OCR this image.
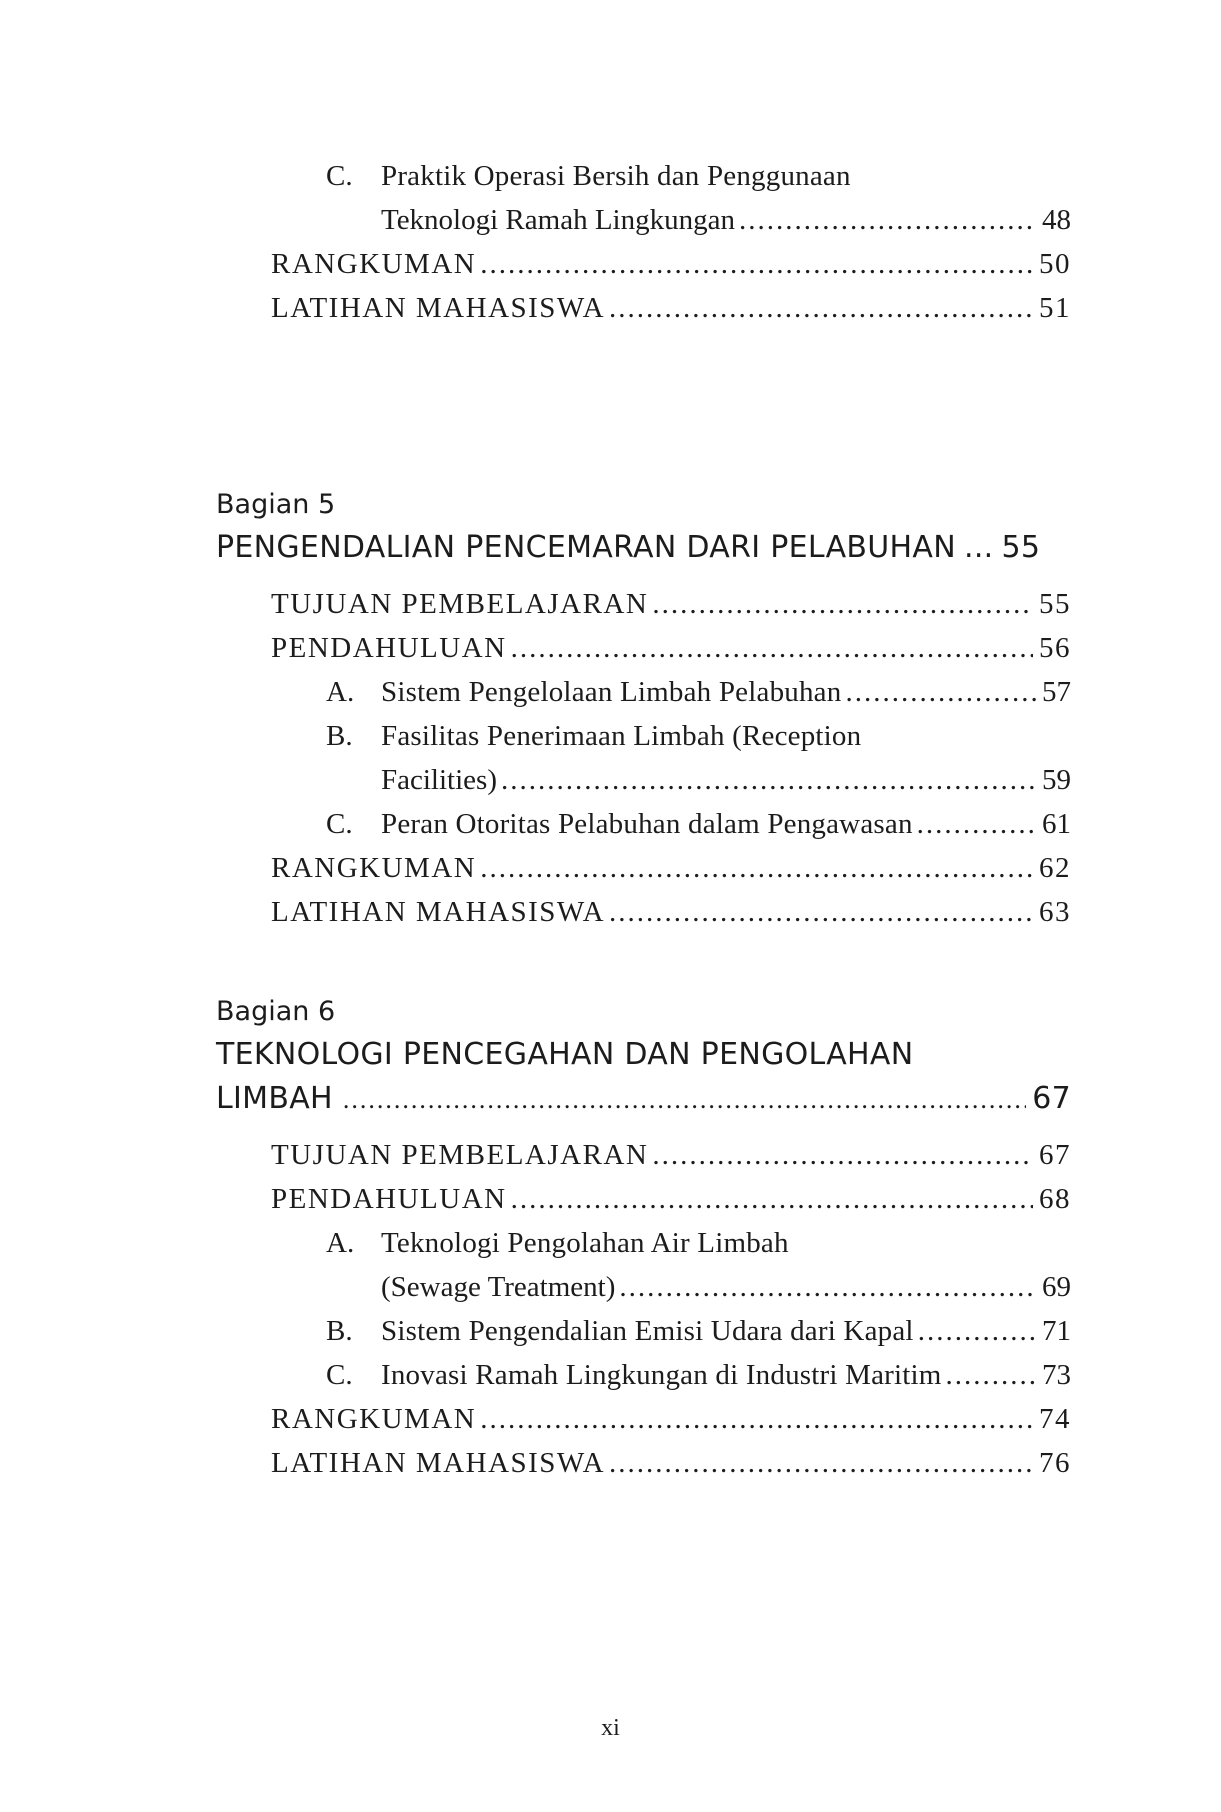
C. Praktik Operasi Bersih dan Penggunaan
Teknologi Ramah Lingkungan .....	48
RANGKUMAN .....	50
LATIHAN MAHASISWA .....	51
Bagian 5
PENGENDALIAN PENCEMARAN DARI PELABUHAN ... 55
TUJUAN PEMBELAJARAN .....	55
PENDAHULUAN .....	56
A. Sistem Pengelolaan Limbah Pelabuhan .....	57
B. Fasilitas Penerimaan Limbah (Reception
Facilities) .....	59
C. Peran Otoritas Pelabuhan dalam Pengawasan .....	61
RANGKUMAN .....	62
LATIHAN MAHASISWA .....	63
Bagian 6
TEKNOLOGI PENCEGAHAN DAN PENGOLAHAN
LIMBAH .....	67
TUJUAN PEMBELAJARAN .....	67
PENDAHULUAN .....	68
A. Teknologi Pengolahan Air Limbah
(Sewage Treatment) .....	69
B. Sistem Pengendalian Emisi Udara dari Kapal .....	71
C. Inovasi Ramah Lingkungan di Industri Maritim .....	73
RANGKUMAN .....	74
LATIHAN MAHASISWA .....	76
xi
